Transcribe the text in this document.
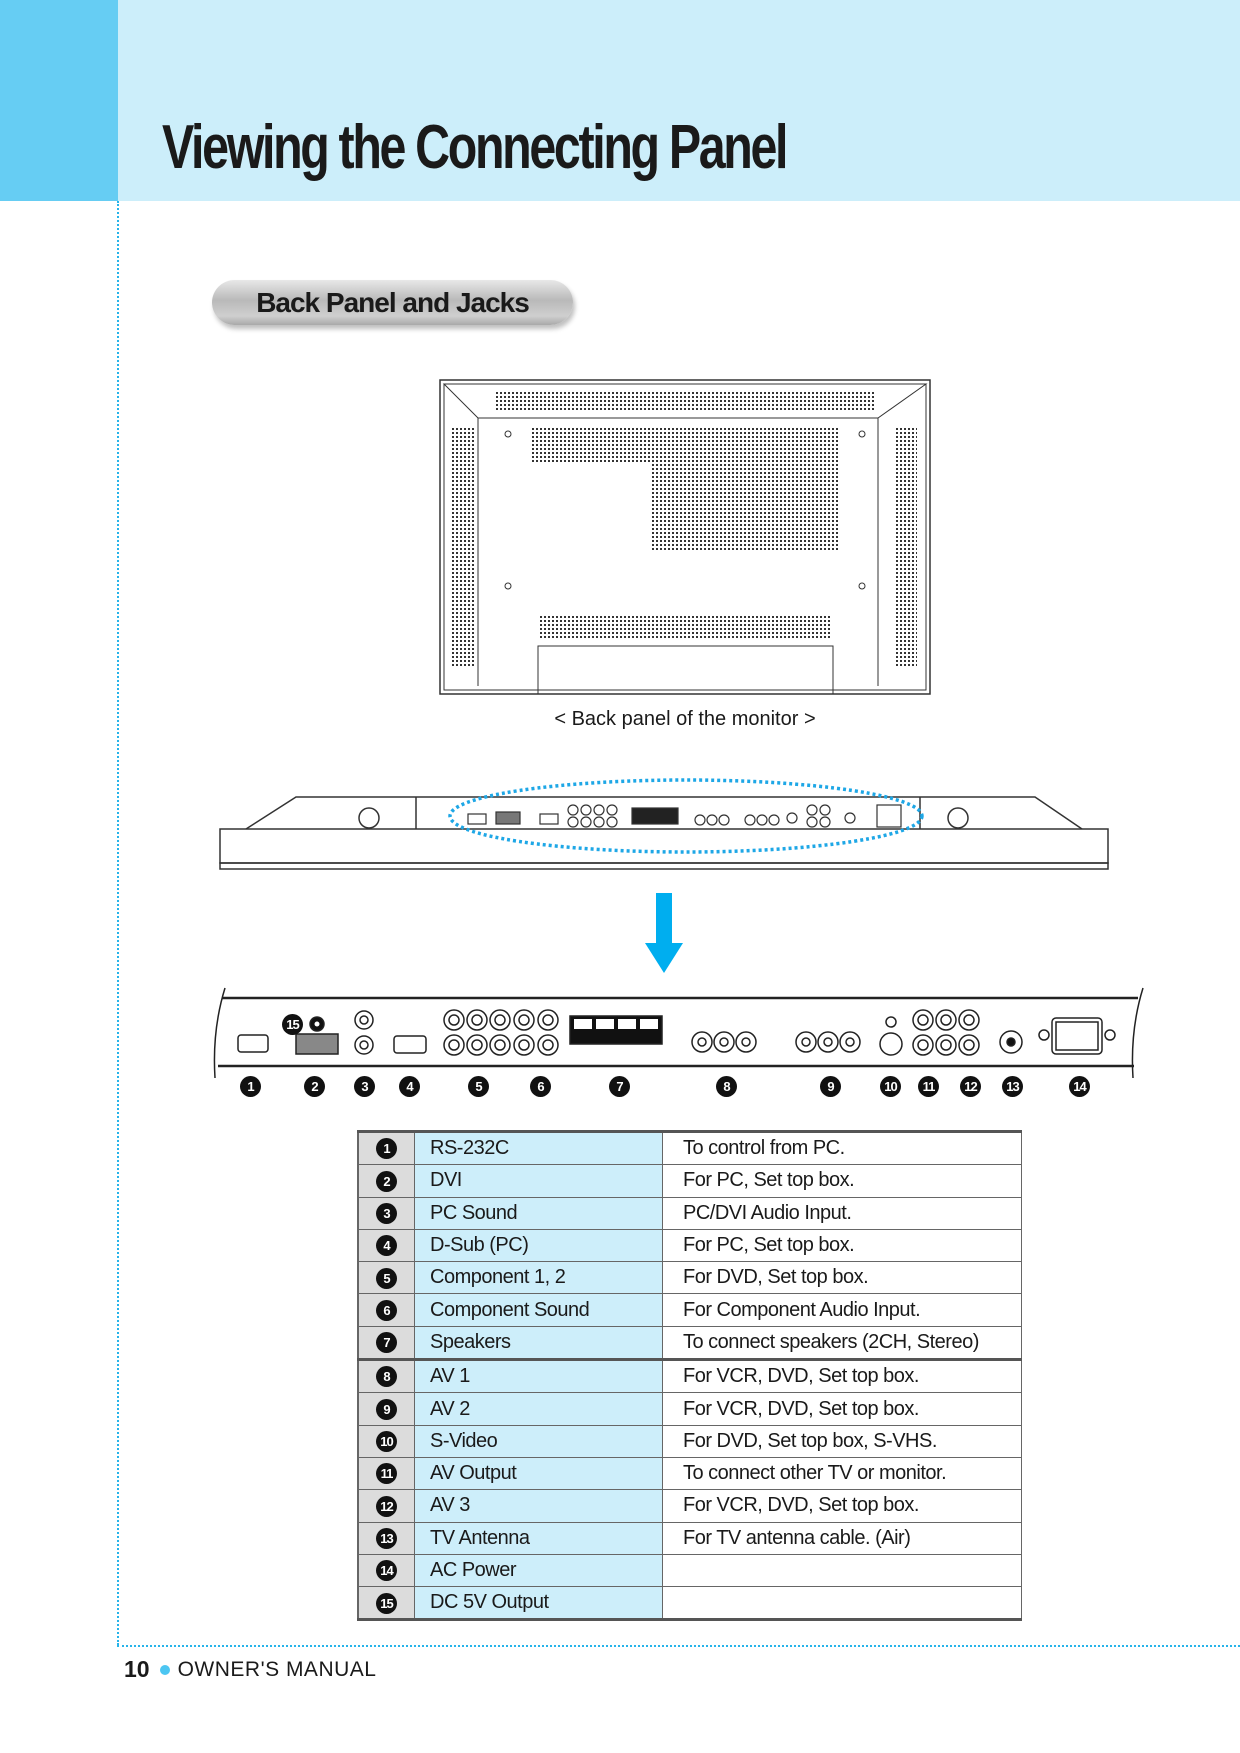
Viewing the Connecting Panel
Back Panel and Jacks
< Back panel of the monitor >
15
1	2	3	4	5	6	7	8	9	10	11	12	13	14
1	RS-232C	To control from PC.
2	DVI	For PC, Set top box.
3	PC Sound	PC/DVI Audio Input.
4	D-Sub (PC)	For PC, Set top box.
5	Component 1, 2	For DVD, Set top box.
6	Component Sound	For Component Audio Input.
7	Speakers	To connect speakers (2CH, Stereo)
8	AV 1	For VCR, DVD, Set top box.
9	AV 2	For VCR, DVD, Set top box.
10	S-Video	For DVD, Set top box, S-VHS.
11	AV Output	To connect other TV or monitor.
12	AV 3	For VCR, DVD, Set top box.
13	TV Antenna	For TV antenna cable. (Air)
14	AC Power	
15	DC 5V Output	
10 OWNER'S MANUAL
